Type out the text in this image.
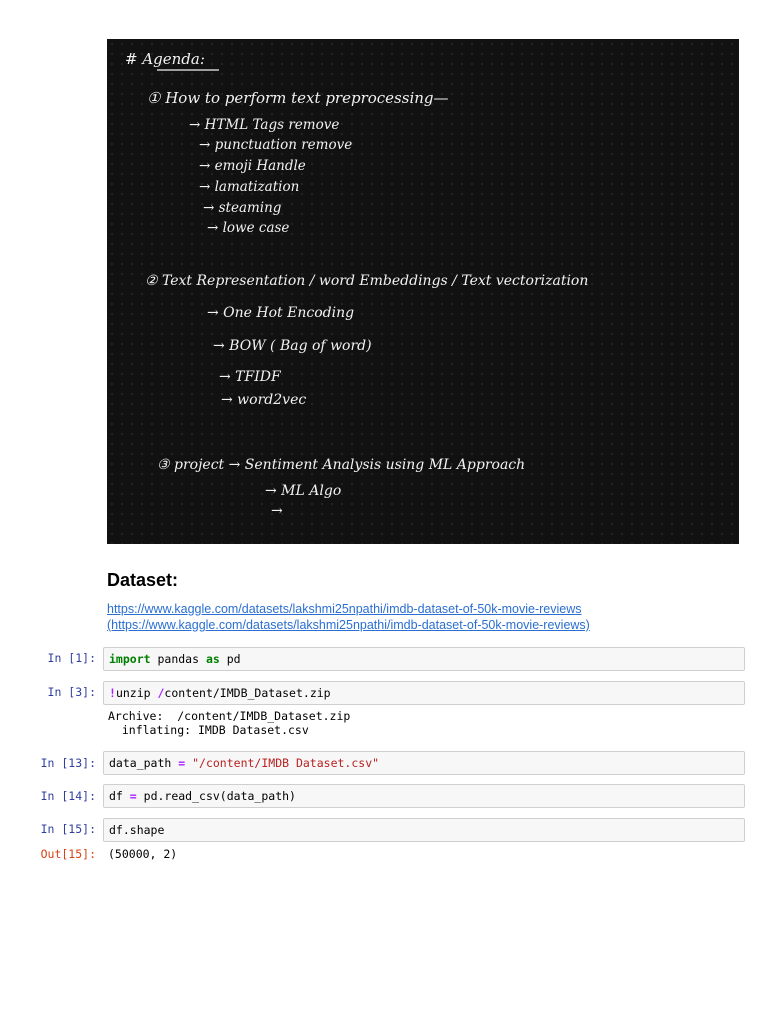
# Agenda:
① How to perform text preprocessing—
→ HTML Tags remove
→ punctuation remove
→ emoji Handle
→ lamatization
→ steaming
→ lowe case
② Text Representation / word Embeddings / Text vectorization
→ One Hot Encoding
→ BOW ( Bag of word)
→ TFIDF
→ word2vec
③ project → Sentiment Analysis using ML Approach
→ ML Algo
→
Dataset:
https://www.kaggle.com/datasets/lakshmi25npathi/imdb-dataset-of-50k-movie-reviews
(https://www.kaggle.com/datasets/lakshmi25npathi/imdb-dataset-of-50k-movie-reviews)
In [1]: import pandas as pd
In [3]: !unzip /content/IMDB_Dataset.zip
Archive:  /content/IMDB_Dataset.zip
inflating: IMDB Dataset.csv
In [13]: data_path = "/content/IMDB Dataset.csv"
In [14]: df = pd.read_csv(data_path)
In [15]: df.shape
Out[15]: (50000, 2)
